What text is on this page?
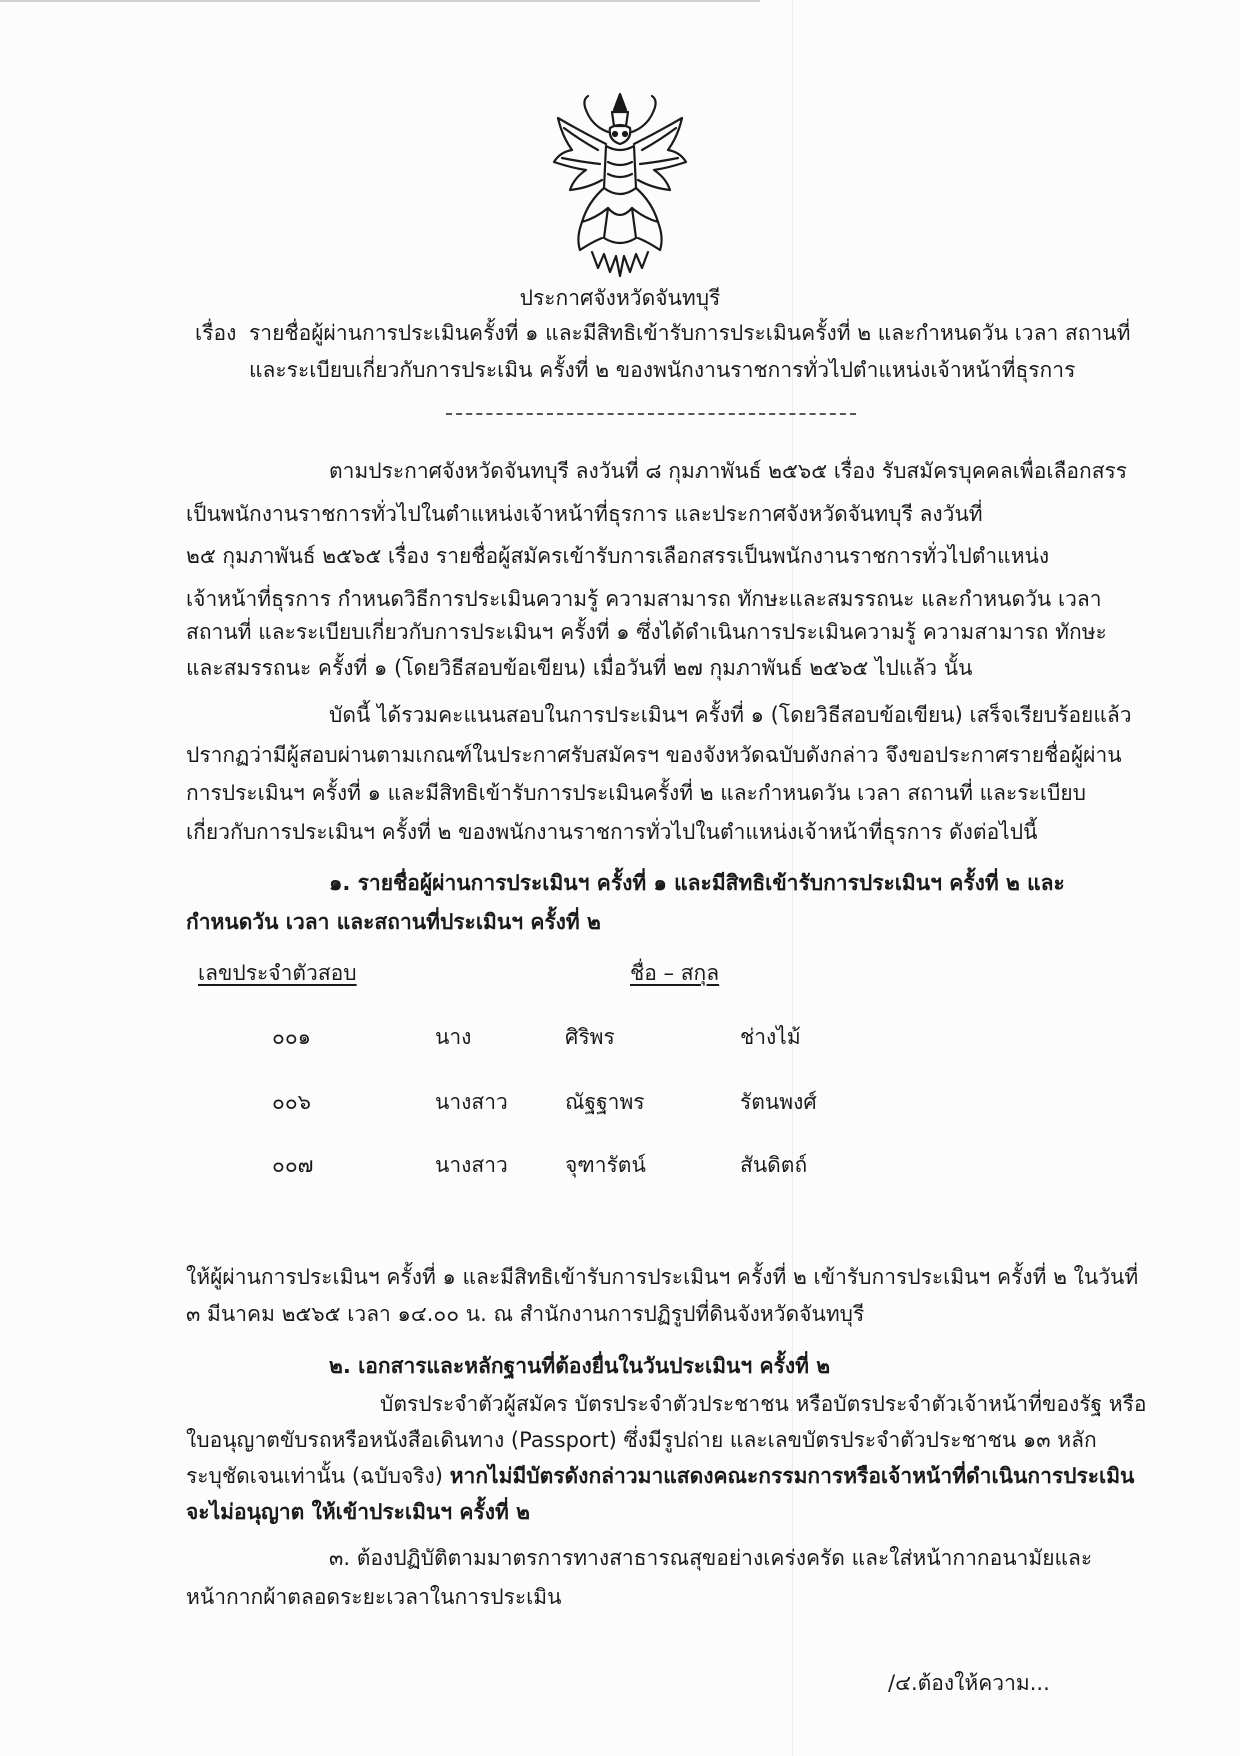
ประกาศจังหวัดจันทบุรี
เรื่อง รายชื่อผู้ผ่านการประเมินครั้งที่ ๑ และมีสิทธิเข้ารับการประเมินครั้งที่ ๒ และกำหนดวัน เวลา สถานที่
และระเบียบเกี่ยวกับการประเมิน ครั้งที่ ๒ ของพนักงานราชการทั่วไปตำแหน่งเจ้าหน้าที่ธุรการ
ตามประกาศจังหวัดจันทบุรี ลงวันที่ ๘ กุมภาพันธ์ ๒๕๖๕ เรื่อง รับสมัครบุคคลเพื่อเลือกสรร
เป็นพนักงานราชการทั่วไปในตำแหน่งเจ้าหน้าที่ธุรการ และประกาศจังหวัดจันทบุรี ลงวันที่
๒๕ กุมภาพันธ์ ๒๕๖๕ เรื่อง รายชื่อผู้สมัครเข้ารับการเลือกสรรเป็นพนักงานราชการทั่วไปตำแหน่ง
เจ้าหน้าที่ธุรการ กำหนดวิธีการประเมินความรู้ ความสามารถ ทักษะและสมรรถนะ และกำหนดวัน เวลา
สถานที่ และระเบียบเกี่ยวกับการประเมินฯ ครั้งที่ ๑ ซึ่งได้ดำเนินการประเมินความรู้ ความสามารถ ทักษะ
และสมรรถนะ ครั้งที่ ๑ (โดยวิธีสอบข้อเขียน) เมื่อวันที่ ๒๗ กุมภาพันธ์ ๒๕๖๕ ไปแล้ว นั้น
บัดนี้ ได้รวมคะแนนสอบในการประเมินฯ ครั้งที่ ๑ (โดยวิธีสอบข้อเขียน) เสร็จเรียบร้อยแล้ว
ปรากฏว่ามีผู้สอบผ่านตามเกณฑ์ในประกาศรับสมัครฯ ของจังหวัดฉบับดังกล่าว จึงขอประกาศรายชื่อผู้ผ่าน
การประเมินฯ ครั้งที่ ๑ และมีสิทธิเข้ารับการประเมินครั้งที่ ๒ และกำหนดวัน เวลา สถานที่ และระเบียบ
เกี่ยวกับการประเมินฯ ครั้งที่ ๒ ของพนักงานราชการทั่วไปในตำแหน่งเจ้าหน้าที่ธุรการ ดังต่อไปนี้
๑. รายชื่อผู้ผ่านการประเมินฯ ครั้งที่ ๑ และมีสิทธิเข้ารับการประเมินฯ ครั้งที่ ๒ และ
กำหนดวัน เวลา และสถานที่ประเมินฯ ครั้งที่ ๒
เลขประจำตัวสอบ	ชื่อ – สกุล
๐๐๑	นาง	ศิริพร	ช่างไม้
๐๐๖	นางสาว	ณัฐฐาพร	รัตนพงศ์
๐๐๗	นางสาว	จุฑารัตน์	สันดิตถ์
ให้ผู้ผ่านการประเมินฯ ครั้งที่ ๑ และมีสิทธิเข้ารับการประเมินฯ ครั้งที่ ๒ เข้ารับการประเมินฯ ครั้งที่ ๒ ในวันที่
๓ มีนาคม ๒๕๖๕ เวลา ๑๔.๐๐ น. ณ สำนักงานการปฏิรูปที่ดินจังหวัดจันทบุรี
๒. เอกสารและหลักฐานที่ต้องยื่นในวันประเมินฯ ครั้งที่ ๒
บัตรประจำตัวผู้สมัคร บัตรประจำตัวประชาชน หรือบัตรประจำตัวเจ้าหน้าที่ของรัฐ หรือ
ใบอนุญาตขับรถหรือหนังสือเดินทาง (Passport) ซึ่งมีรูปถ่าย และเลขบัตรประจำตัวประชาชน ๑๓ หลัก
ระบุชัดเจนเท่านั้น (ฉบับจริง) หากไม่มีบัตรดังกล่าวมาแสดงคณะกรรมการหรือเจ้าหน้าที่ดำเนินการประเมิน
จะไม่อนุญาต ให้เข้าประเมินฯ ครั้งที่ ๒
๓. ต้องปฏิบัติตามมาตรการทางสาธารณสุขอย่างเคร่งครัด และใส่หน้ากากอนามัยและ
หน้ากากผ้าตลอดระยะเวลาในการประเมิน
/๔.ต้องให้ความ...
